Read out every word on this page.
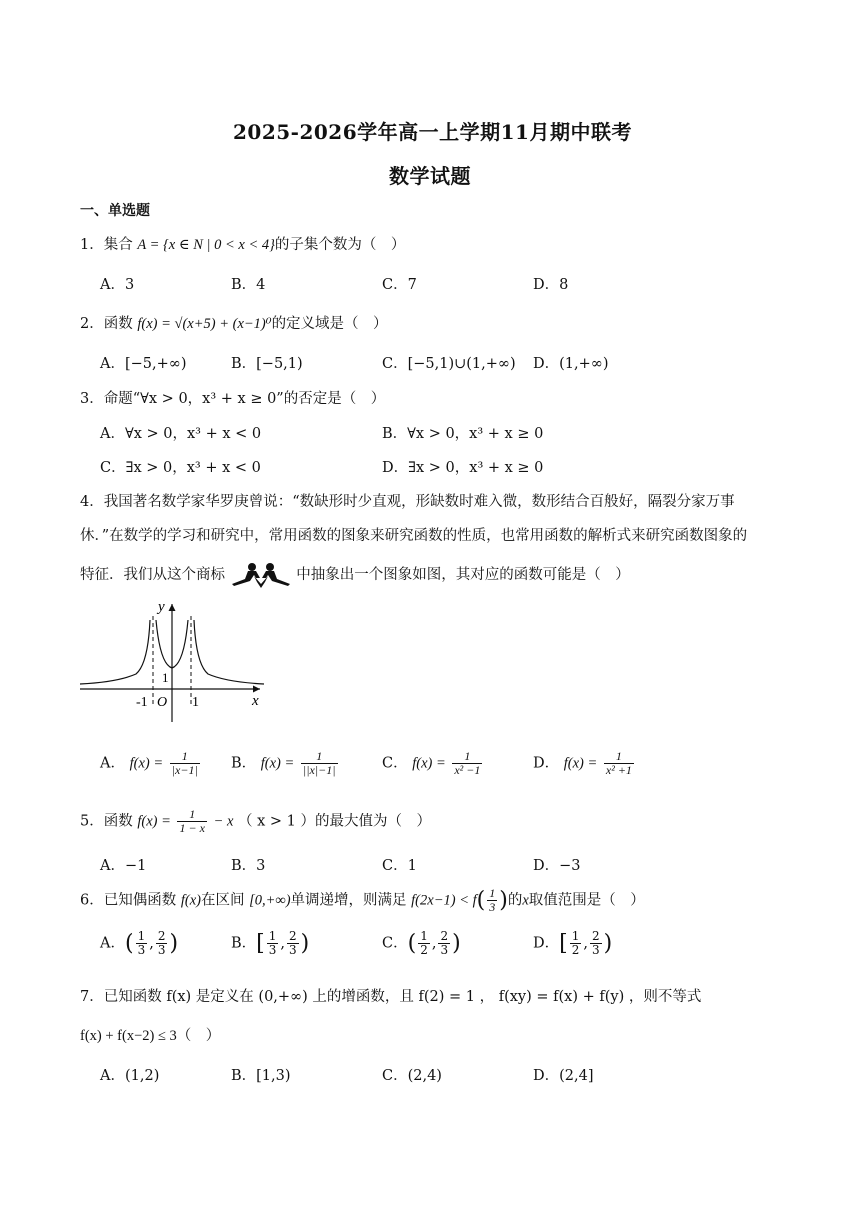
2025-2026学年高一上学期11月期中联考
数学试题
一、单选题
1．集合 A = {x ∈ N | 0 < x < 4}的子集个数为（　）
A．3	B．4	C．7	D．8
2．函数 f(x) = √(x+5) + (x−1)⁰的定义域是（　）
A．[−5,+∞)	B．[−5,1)	C．[−5,1)∪(1,+∞) D．(1,+∞)
3．命题“∀x > 0，x³ + x ≥ 0”的否定是（　）
A．∀x > 0，x³ + x < 0	B．∀x > 0，x³ + x ≥ 0
C．∃x > 0，x³ + x < 0	D．∃x > 0，x³ + x ≥ 0
4．我国著名数学家华罗庚曾说：“数缺形时少直观，形缺数时难入微，数形结合百般好，隔裂分家万事
休．”在数学的学习和研究中，常用函数的图象来研究函数的性质，也常用函数的解析式来研究函数图象的
特征．我们从这个商标	中抽象出一个图象如图，其对应的函数可能是（　）
y
x
O
-1	1
1
A． $f(x) = \frac{1}{|x-1|}$ B． $f(x) = \frac{1}{||x|-1|}$	C． $f(x) = \frac{1}{\text{x² −1}}$	D． $f(x) = \frac{1}{\text{x² +1}}$
5．函数 $f(x) = \frac{1}{1 - x} - x$ （ x > 1 ）的最大值为（　）
A．−1	B．3	C．1	D．−3
6．已知偶函数 f(x)在区间 [0,+∞)单调递增，则满足 $f(2x-1) < f( \frac{1}{3}$ )的x取值范围是（　）
A．( $\frac{1}{3}$ , $\frac{2}{3}$ )	B．[ $\frac{1}{3}$ , $\frac{2}{3}$ )	C．( $\frac{1}{2}$ , $\frac{2}{3}$ )	D．[ $\frac{1}{2}$ , $\frac{2}{3}$ )
7．已知函数 f(x) 是定义在 (0,+∞) 上的增函数，且 f(2) = 1 ， f(xy) = f(x) + f(y) ，则不等式
f(x) + f(x−2) ≤ 3（　）
A．(1,2)	B．[1,3)	C．(2,4)	D．(2,4]
